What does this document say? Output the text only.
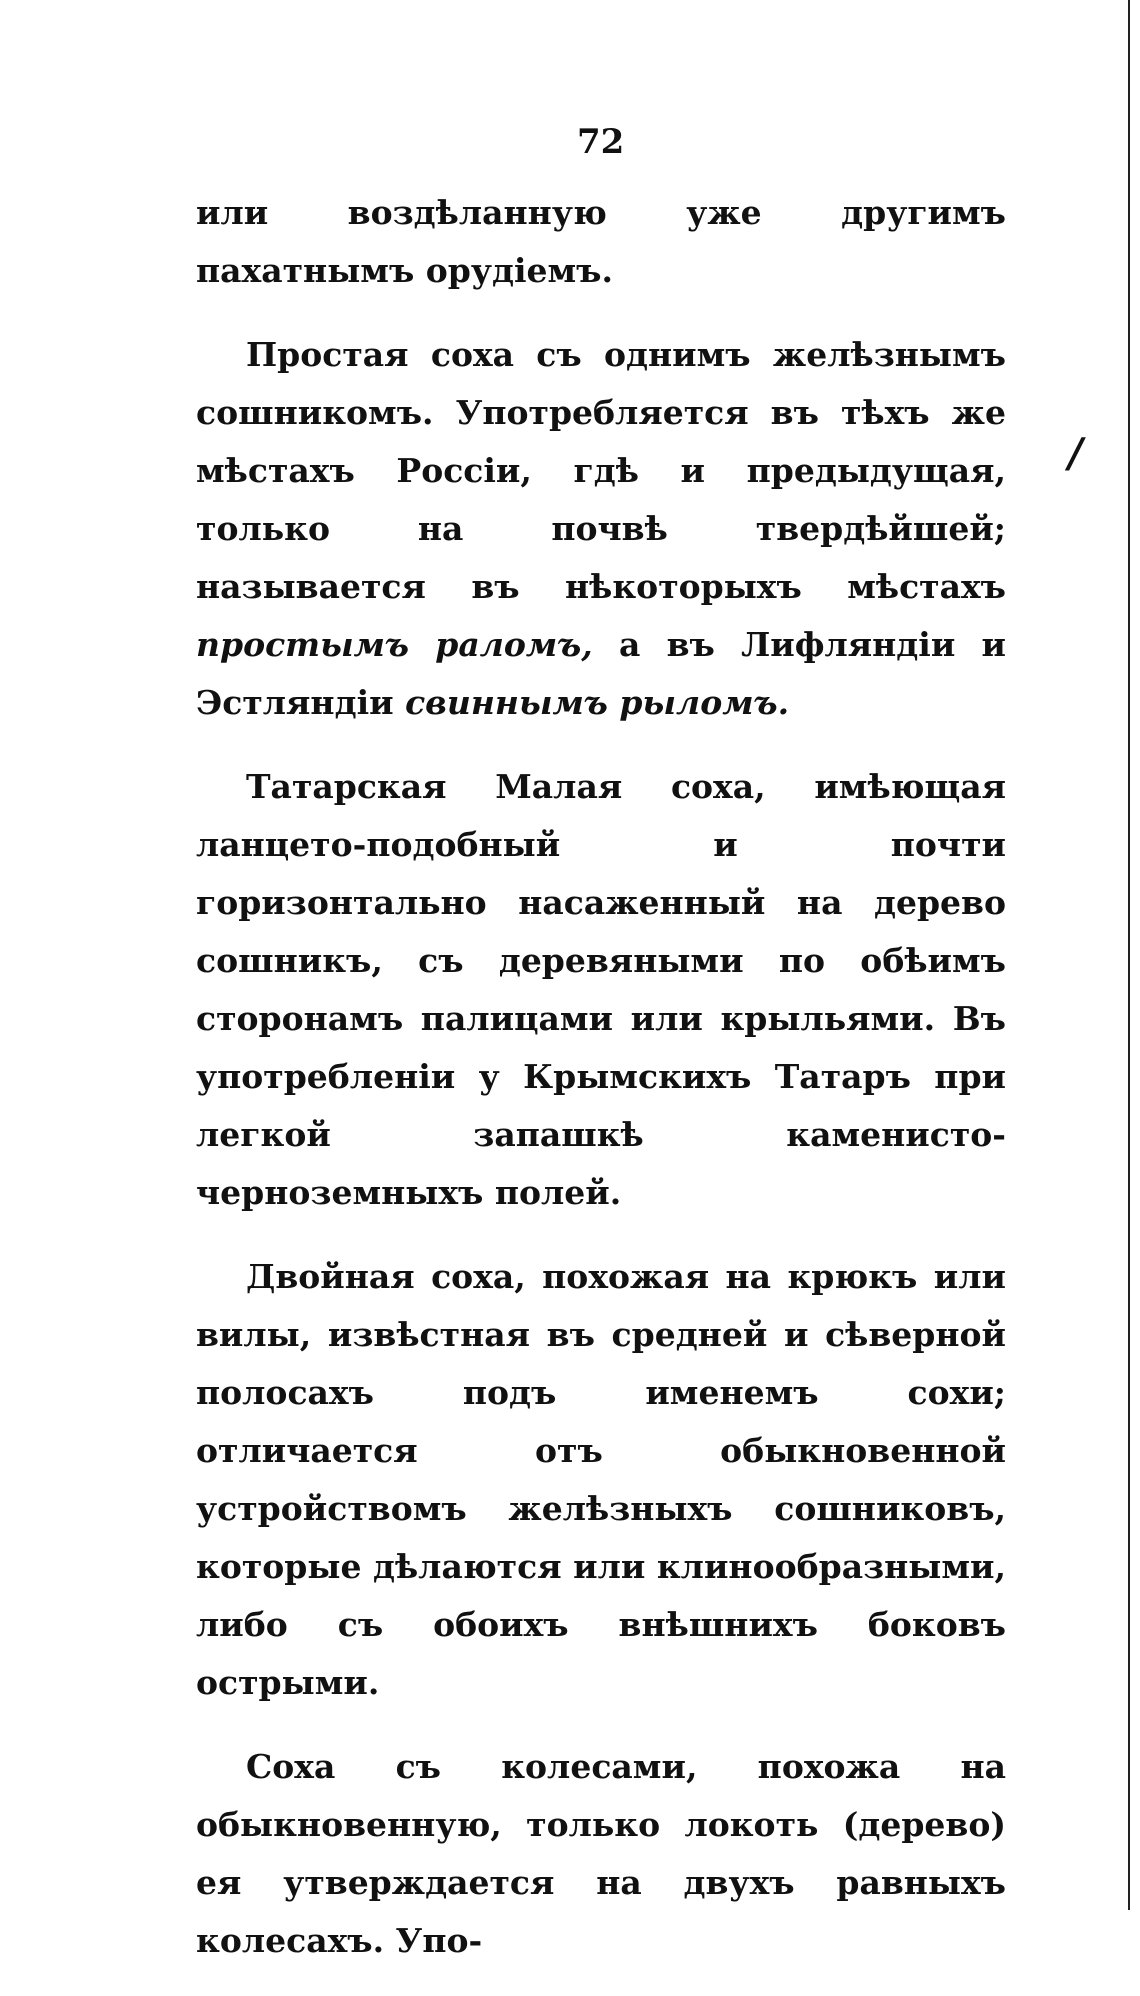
72

или воздѣланную уже другимъ пахатнымъ орудіемъ.

Простая соха съ однимъ желѣзнымъ сошникомъ. Употребляется въ тѣхъ же мѣстахъ Россіи, гдѣ и предыдущая, только на почвѣ твердѣйшей; называется въ нѣкоторыхъ мѣстахъ простымъ раломъ, а въ Лифляндіи и Эстляндіи свиннымъ рыломъ.

Татарская Малая соха, имѣющая ланцето-подобный и почти горизонтально насаженный на дерево сошникъ, съ деревяными по обѣимъ сторонамъ палицами или крыльями. Въ употребленіи у Крымскихъ Татаръ при легкой запашкѣ каменисто-черноземныхъ полей.

Двойная соха, похожая на крюкъ или вилы, извѣстная въ средней и сѣверной полосахъ подъ именемъ сохи; отличается отъ обыкновенной устройствомъ желѣзныхъ сошниковъ, которые дѣлаются или клинообразными, либо съ обоихъ внѣшнихъ боковъ острыми.

Соха съ колесами, похожа на обыкновенную, только локоть (дерево) ея утверждается на двухъ равныхъ колесахъ. Упо-

/
